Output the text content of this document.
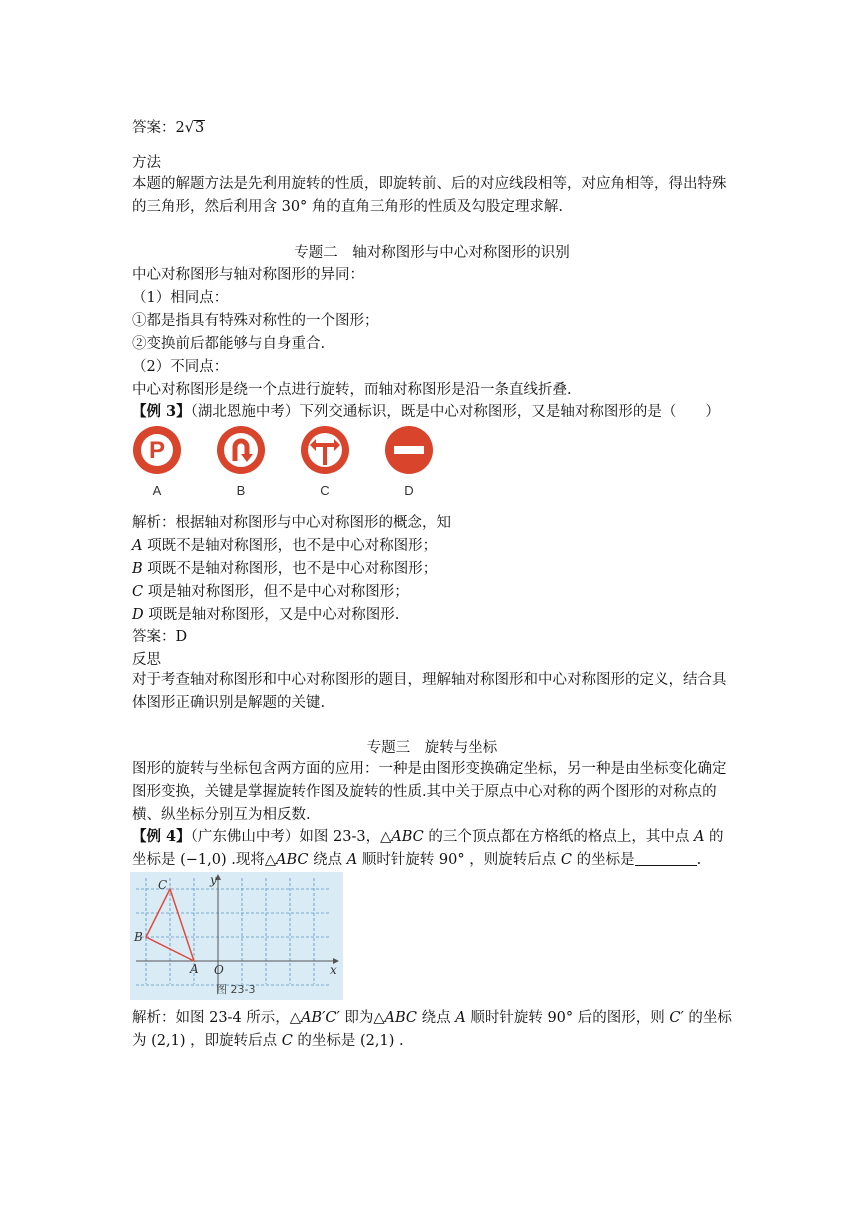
答案：2√3
方法
本题的解题方法是先利用旋转的性质，即旋转前、后的对应线段相等，对应角相等，得出特殊的三角形，然后利用含 30° 角的直角三角形的性质及勾股定理求解.
专题二　轴对称图形与中心对称图形的识别
中心对称图形与轴对称图形的异同：
（1）相同点：
①都是指具有特殊对称性的一个图形；
②变换前后都能够与自身重合.
（2）不同点：
中心对称图形是绕一个点进行旋转，而轴对称图形是沿一条直线折叠.
【例 3】（湖北恩施中考）下列交通标识，既是中心对称图形，又是轴对称图形的是（　　）
P
A	B	C	D
解析：根据轴对称图形与中心对称图形的概念，知
A 项既不是轴对称图形，也不是中心对称图形；
B 项既不是轴对称图形，也不是中心对称图形；
C 项是轴对称图形，但不是中心对称图形；
D 项既是轴对称图形，又是中心对称图形.
答案：D
反思
对于考查轴对称图形和中心对称图形的题目，理解轴对称图形和中心对称图形的定义，结合具体图形正确识别是解题的关键.
专题三　旋转与坐标
图形的旋转与坐标包含两方面的应用：一种是由图形变换确定坐标，另一种是由坐标变化确定图形变换，关键是掌握旋转作图及旋转的性质.其中关于原点中心对称的两个图形的对称点的横、纵坐标分别互为相反数.
【例 4】（广东佛山中考）如图 23-3，△ABC 的三个顶点都在方格纸的格点上，其中点 A 的
坐标是 (−1,0) .现将△ABC 绕点 A 顺时针旋转 90° ，则旋转后点 C 的坐标是	.
x
y
O
A
B
C
图 23-3
解析：如图 23-4 所示，△AB′C′ 即为△ABC 绕点 A 顺时针旋转 90° 后的图形，则 C′ 的坐标
为 (2,1) ，即旋转后点 C 的坐标是 (2,1) .
